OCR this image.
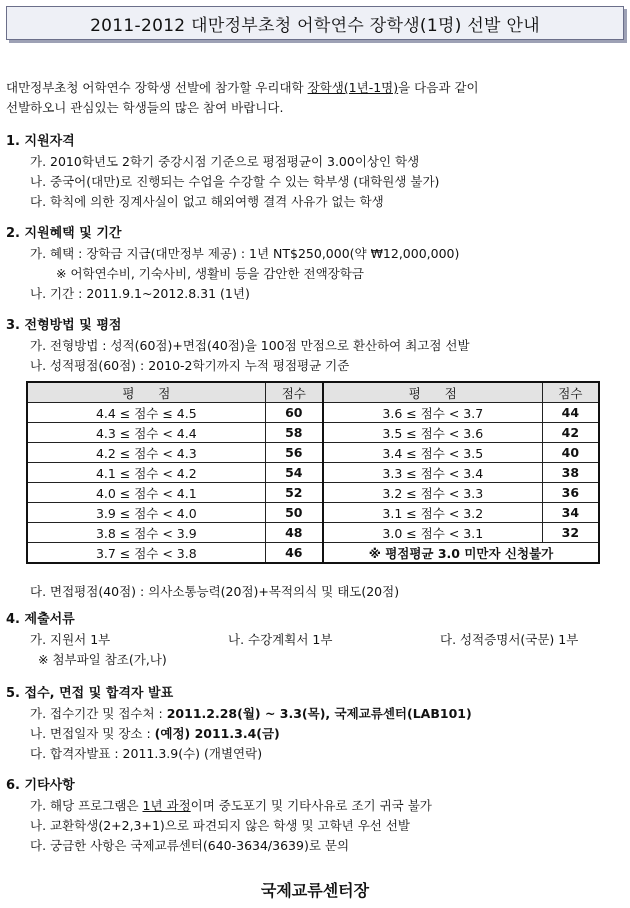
2011-2012 대만정부초청 어학연수 장학생(1명) 선발 안내
대만정부초청 어학연수 장학생 선발에 참가할 우리대학 장학생(1년-1명)을 다음과 같이
선발하오니 관심있는 학생들의 많은 참여 바랍니다.
1. 지원자격
가. 2010학년도 2학기 중강시점 기준으로 평점평균이 3.00이상인 학생
나. 중국어(대만)로 진행되는 수업을 수강할 수 있는 학부생 (대학원생 불가)
다. 학칙에 의한 징계사실이 없고 해외여행 결격 사유가 없는 학생
2. 지원혜택 및 기간
가. 혜택 : 장학금 지급(대만정부 제공) : 1년 NT$250,000(약 ₩12,000,000)
※ 어학연수비, 기숙사비, 생활비 등을 감안한 전액장학금
나. 기간 : 2011.9.1~2012.8.31 (1년)
3. 전형방법 및 평점
가. 전형방법 : 성적(60점)+면접(40점)을 100점 만점으로 환산하여 최고점 선발
나. 성적평점(60점) : 2010-2학기까지 누적 평점평균 기준
평      점	점수	평      점	점수
4.4 ≤ 점수 ≤ 4.5	60	3.6 ≤ 점수 < 3.7	44
4.3 ≤ 점수 < 4.4	58	3.5 ≤ 점수 < 3.6	42
4.2 ≤ 점수 < 4.3	56	3.4 ≤ 점수 < 3.5	40
4.1 ≤ 점수 < 4.2	54	3.3 ≤ 점수 < 3.4	38
4.0 ≤ 점수 < 4.1	52	3.2 ≤ 점수 < 3.3	36
3.9 ≤ 점수 < 4.0	50	3.1 ≤ 점수 < 3.2	34
3.8 ≤ 점수 < 3.9	48	3.0 ≤ 점수 < 3.1	32
3.7 ≤ 점수 < 3.8	46	※ 평점평균 3.0 미만자 신청불가	
다. 면접평점(40점) : 의사소통능력(20점)+목적의식 및 태도(20점)
4. 제출서류
가. 지원서 1부	나. 수강계획서 1부	다. 성적증명서(국문) 1부
※ 첨부파일 참조(가,나)
5. 접수, 면접 및 합격자 발표
가. 접수기간 및 접수처 : 2011.2.28(월) ~ 3.3(목), 국제교류센터(LAB101)
나. 면접일자 및 장소 : (예정) 2011.3.4(금)
다. 합격자발표 : 2011.3.9(수) (개별연락)
6. 기타사항
가. 해당 프로그램은 1년 과정이며 중도포기 및 기타사유로 조기 귀국 불가
나. 교환학생(2+2,3+1)으로 파견되지 않은 학생 및 고학년 우선 선발
다. 궁금한 사항은 국제교류센터(640-3634/3639)로 문의
국제교류센터장
